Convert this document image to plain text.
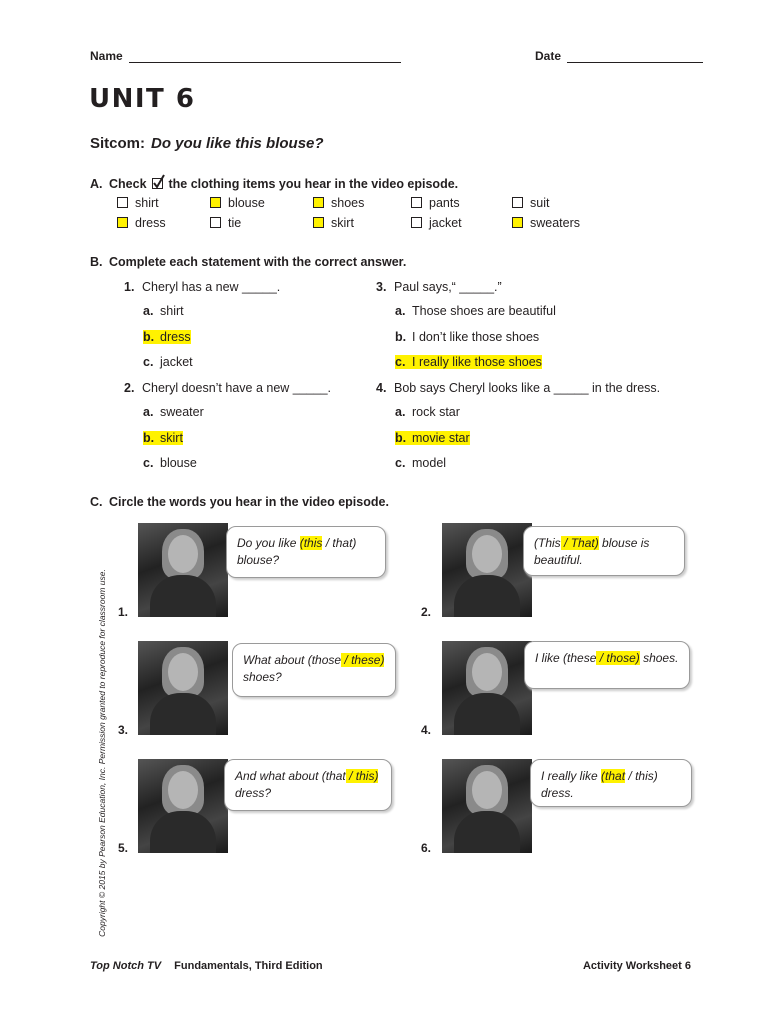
Name	Date
UNIT 6
Sitcom: Do you like this blouse?
A. Check the clothing items you hear in the video episode.
shirt	blouse	shoes	pants	suit
dress	tie	skirt	jacket	sweaters
B. Complete each statement with the correct answer.
1. Cheryl has a new _____.
a. shirt
b. dress
c. jacket
2. Cheryl doesn’t have a new _____.
a. sweater
b. skirt
c. blouse
3. Paul says,“ _____.”
a. Those shoes are beautiful
b. I don’t like those shoes
c. I really like those shoes
4. Bob says Cheryl looks like a _____ in the dress.
a. rock star
b. movie star
c. model
C. Circle the words you hear in the video episode.
Do you like (this / that) blouse?
1.
(This / That) blouse is beautiful.
2.
What about (those / these) shoes?
3.
I like (these / those) shoes.
4.
And what about (that / this) dress?
5.
I really like (that / this) dress.
6.
Copyright © 2015 by Pearson Education, Inc. Permission granted to reproduce for classroom use.
Top Notch TV Fundamentals, Third Edition	Activity Worksheet 6
